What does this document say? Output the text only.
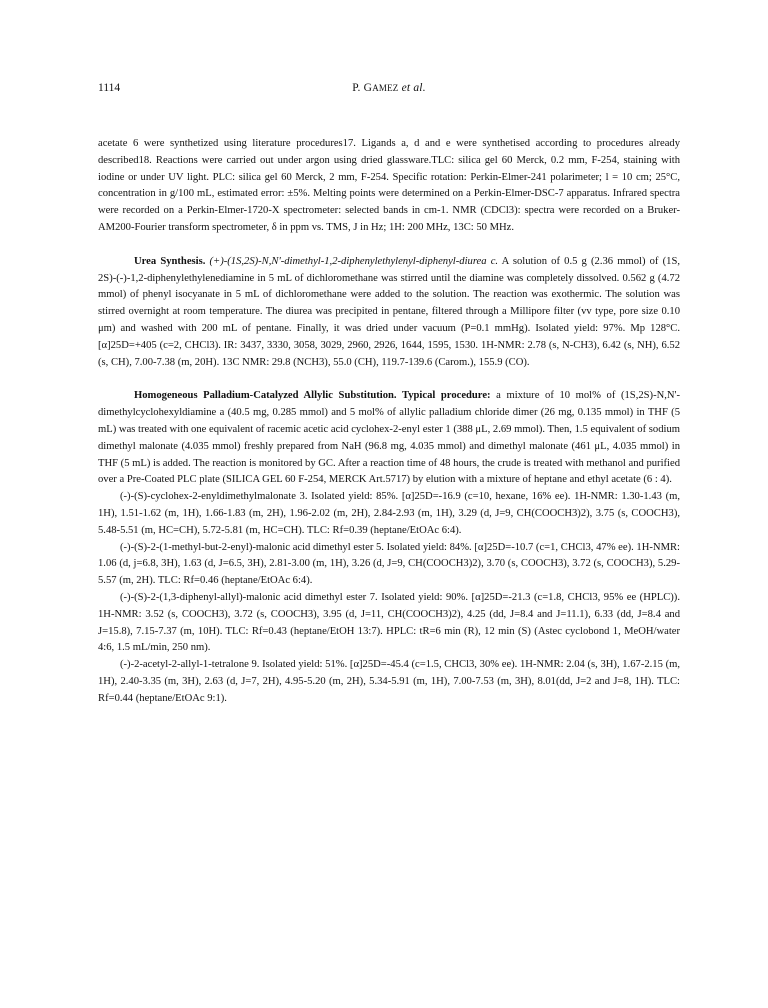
1114	P. GAMEZ et al.

acetate 6 were synthetized using literature procedures17. Ligands a, d and e were synthetised according to procedures already described18. Reactions were carried out under argon using dried glassware.TLC: silica gel 60 Merck, 0.2 mm, F-254, staining with iodine or under UV light. PLC: silica gel 60 Merck, 2 mm, F-254. Specific rotation: Perkin-Elmer-241 polarimeter; l = 10 cm; 25°C, concentration in g/100 mL, estimated error: ±5%. Melting points were determined on a Perkin-Elmer-DSC-7 apparatus. Infrared spectra were recorded on a Perkin-Elmer-1720-X spectrometer: selected bands in cm-1. NMR (CDCl3): spectra were recorded on a Bruker-AM200-Fourier transform spectrometer, δ in ppm vs. TMS, J in Hz; 1H: 200 MHz, 13C: 50 MHz.

Urea Synthesis. (+)-(1S,2S)-N,N'-dimethyl-1,2-diphenylethylenyl-diphenyl-diurea c. A solution of 0.5 g (2.36 mmol) of (1S, 2S)-(-)-1,2-diphenylethylenediamine in 5 mL of dichloromethane was stirred until the diamine was completely dissolved. 0.562 g (4.72 mmol) of phenyl isocyanate in 5 mL of dichloromethane were added to the solution. The reaction was exothermic. The solution was stirred overnight at room temperature. The diurea was precipited in pentane, filtered through a Millipore filter (vv type, pore size 0.10 μm) and washed with 200 mL of pentane. Finally, it was dried under vacuum (P=0.1 mmHg). Isolated yield: 97%. Mp 128°C. [α]25D=+405 (c=2, CHCl3). IR: 3437, 3330, 3058, 3029, 2960, 2926, 1644, 1595, 1530. 1H-NMR: 2.78 (s, N-CH3), 6.42 (s, NH), 6.52 (s, CH), 7.00-7.38 (m, 20H). 13C NMR: 29.8 (NCH3), 55.0 (CH), 119.7-139.6 (Carom.), 155.9 (CO).

Homogeneous Palladium-Catalyzed Allylic Substitution. Typical procedure: a mixture of 10 mol% of (1S,2S)-N,N'-dimethylcyclohexyldiamine a (40.5 mg, 0.285 mmol) and 5 mol% of allylic palladium chloride dimer (26 mg, 0.135 mmol) in THF (5 mL) was treated with one equivalent of racemic acetic acid cyclohex-2-enyl ester 1 (388 μL, 2.69 mmol). Then, 1.5 equivalent of sodium dimethyl malonate (4.035 mmol) freshly prepared from NaH (96.8 mg, 4.035 mmol) and dimethyl malonate (461 μL, 4.035 mmol) in THF (5 mL) is added. The reaction is monitored by GC. After a reaction time of 48 hours, the crude is treated with methanol and purified over a Pre-Coated PLC plate (SILICA GEL 60 F-254, MERCK Art.5717) by elution with a mixture of heptane and ethyl acetate (6 : 4).

(-)-(S)-cyclohex-2-enyldimethylmalonate 3. Isolated yield: 85%. [α]25D=-16.9 (c=10, hexane, 16% ee). 1H-NMR: 1.30-1.43 (m, 1H), 1.51-1.62 (m, 1H), 1.66-1.83 (m, 2H), 1.96-2.02 (m, 2H), 2.84-2.93 (m, 1H), 3.29 (d, J=9, CH(COOCH3)2), 3.75 (s, COOCH3), 5.48-5.51 (m, HC=CH), 5.72-5.81 (m, HC=CH). TLC: Rf=0.39 (heptane/EtOAc 6:4).

(-)-(S)-2-(1-methyl-but-2-enyl)-malonic acid dimethyl ester 5. Isolated yield: 84%. [α]25D=-10.7 (c=1, CHCl3, 47% ee). 1H-NMR: 1.06 (d, j=6.8, 3H), 1.63 (d, J=6.5, 3H), 2.81-3.00 (m, 1H), 3.26 (d, J=9, CH(COOCH3)2), 3.70 (s, COOCH3), 3.72 (s, COOCH3), 5.29-5.57 (m, 2H). TLC: Rf=0.46 (heptane/EtOAc 6:4).

(-)-(S)-2-(1,3-diphenyl-allyl)-malonic acid dimethyl ester 7. Isolated yield: 90%. [α]25D=-21.3 (c=1.8, CHCl3, 95% ee (HPLC)). 1H-NMR: 3.52 (s, COOCH3), 3.72 (s, COOCH3), 3.95 (d, J=11, CH(COOCH3)2), 4.25 (dd, J=8.4 and J=11.1), 6.33 (dd, J=8.4 and J=15.8), 7.15-7.37 (m, 10H). TLC: Rf=0.43 (heptane/EtOH 13:7). HPLC: tR=6 min (R), 12 min (S) (Astec cyclobond 1, MeOH/water 4:6, 1.5 mL/min, 250 nm).

(-)-2-acetyl-2-allyl-1-tetralone 9. Isolated yield: 51%. [α]25D=-45.4 (c=1.5, CHCl3, 30% ee). 1H-NMR: 2.04 (s, 3H), 1.67-2.15 (m, 1H), 2.40-3.35 (m, 3H), 2.63 (d, J=7, 2H), 4.95-5.20 (m, 2H), 5.34-5.91 (m, 1H), 7.00-7.53 (m, 3H), 8.01(dd, J=2 and J=8, 1H). TLC: Rf=0.44 (heptane/EtOAc 9:1).
